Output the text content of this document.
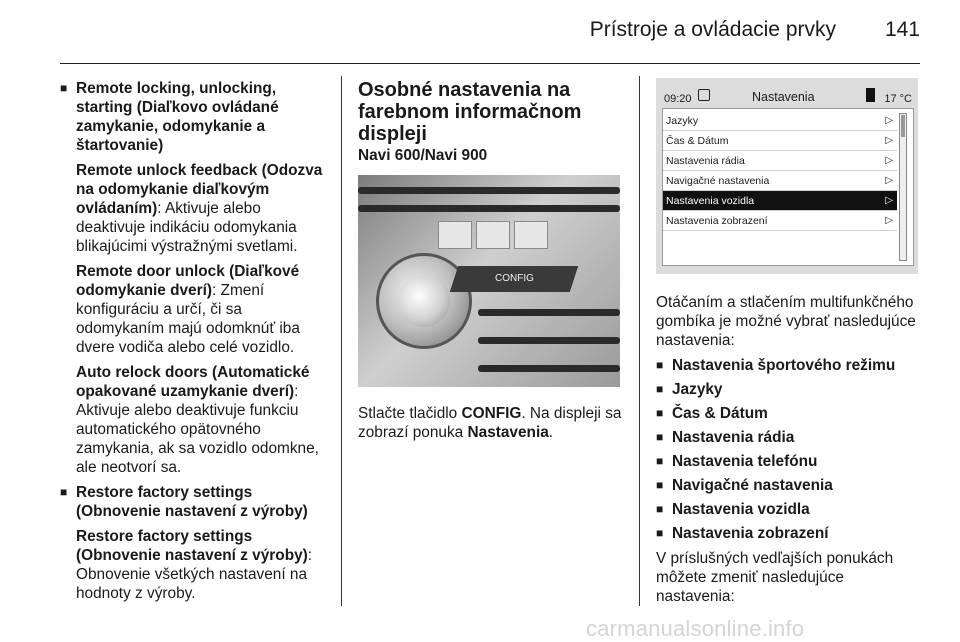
Prístroje a ovládacie prvky 141
■ Remote locking, unlocking, starting (Diaľkovo ovládané zamykanie, odomykanie a štartovanie)
Remote unlock feedback (Odozva na odomykanie diaľkovým ovládaním): Aktivuje alebo deaktivuje indikáciu odomykania blikajúcimi výstražnými svetlami.
Remote door unlock (Diaľkové odomykanie dverí): Zmení konfiguráciu a určí, či sa odomykaním majú odomknúť iba dvere vodiča alebo celé vozidlo.
Auto relock doors (Automatické opakované uzamykanie dverí): Aktivuje alebo deaktivuje funkciu automatického opätovného zamykania, ak sa vozidlo odomkne, ale neotvorí sa.
■ Restore factory settings (Obnovenie nastavení z výroby)
Restore factory settings (Obnovenie nastavení z výroby): Obnovenie všetkých nastavení na hodnoty z výroby.
Osobné nastavenia na farebnom informačnom displeji
Navi 600/Navi 900
CONFIG
Stlačte tlačidlo CONFIG. Na displeji sa zobrazí ponuka Nastavenia.
09:20	Nastavenia	17 °C
Jazyky	▷
Čas & Dátum	▷
Nastavenia rádia	▷
Navigačné nastavenia	▷
Nastavenia vozidla	▷
Nastavenia zobrazení	▷
Otáčaním a stlačením multifunkčného gombíka je možné vybrať nasledujúce nastavenia:
■ Nastavenia športového režimu
■ Jazyky
■ Čas & Dátum
■ Nastavenia rádia
■ Nastavenia telefónu
■ Navigačné nastavenia
■ Nastavenia vozidla
■ Nastavenia zobrazení
V príslušných vedľajších ponukách môžete zmeniť nasledujúce nastavenia:
carmanualsonline.info
